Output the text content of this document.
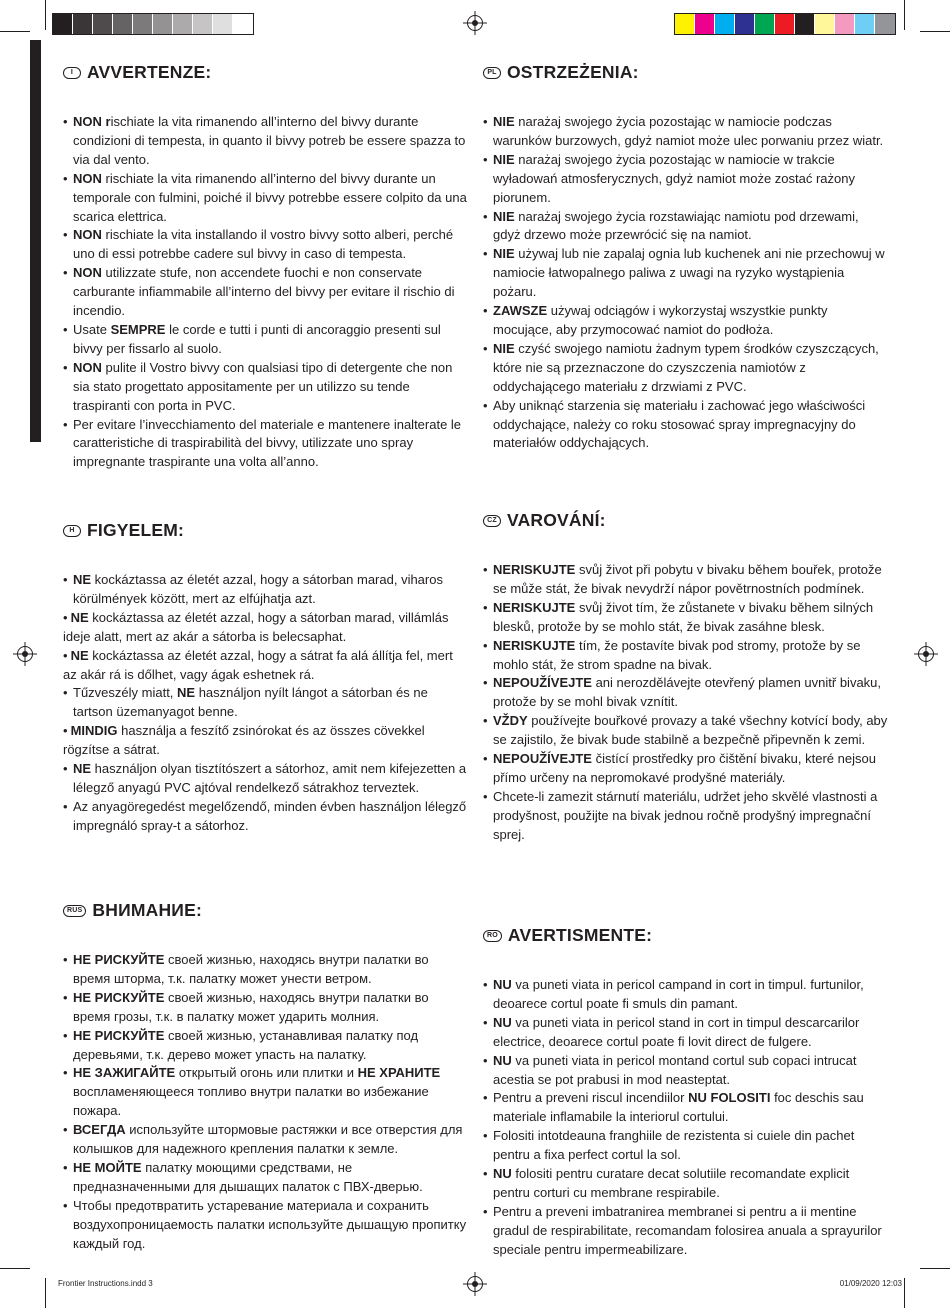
I AVVERTENZE:
• NON rischiate la vita rimanendo all’interno del bivvy durante condizioni di tempesta, in quanto il bivvy potreb be essere spazza to via dal vento.
• NON rischiate la vita rimanendo all’interno del bivvy durante un temporale con fulmini, poiché il bivvy potrebbe essere colpito da una scarica elettrica.
• NON rischiate la vita installando il vostro bivvy sotto alberi, perché uno di essi potrebbe cadere sul bivvy in caso di tempesta.
• NON utilizzate stufe, non accendete fuochi e non conservate carburante infiammabile all’interno del bivvy per evitare il rischio di incendio.
• Usate SEMPRE le corde e tutti i punti di ancoraggio presenti sul bivvy per fissarlo al suolo.
• NON pulite il Vostro bivvy con qualsiasi tipo di detergente che non sia stato progettato appositamente per un utilizzo su tende traspiranti con porta in PVC.
• Per evitare l’invecchiamento del materiale e mantenere inalterate le caratteristiche di traspirabilità del bivvy, utilizzate uno spray impregnante traspirante una volta all’anno.
PL OSTRZEŻENIA:
• NIE narażaj swojego życia pozostając w namiocie podczas warunków burzowych, gdyż namiot może ulec porwaniu przez wiatr.
• NIE narażaj swojego życia pozostając w namiocie w trakcie wyładowań atmosferycznych, gdyż namiot może zostać rażony piorunem.
• NIE narażaj swojego życia rozstawiając namiotu pod drzewami, gdyż drzewo może przewrócić się na namiot.
• NIE używaj lub nie zapalaj ognia lub kuchenek ani nie przechowuj w namiocie łatwopalnego paliwa z uwagi na ryzyko wystąpienia pożaru.
• ZAWSZE używaj odciągów i wykorzystaj wszystkie punkty mocujące, aby przymocować namiot do podłoża.
• NIE czyść swojego namiotu żadnym typem środków czyszczących, które nie są przeznaczone do czyszczenia namiotów z oddychającego materiału z drzwiami z PVC.
• Aby uniknąć starzenia się materiału i zachować jego właściwości oddychające, należy co roku stosować spray impregnacyjny do materiałów oddychających.
H FIGYELEM:
• NE kockáztassa az életét azzal, hogy a sátorban marad, viharos körülmények között, mert az elfújhatja azt.
• NE kockáztassa az életét azzal, hogy a sátorban marad, villámlás ideje alatt, mert az akár a sátorba is belecsaphat.
• NE kockáztassa az életét azzal, hogy a sátrat fa alá állítja fel, mert az akár rá is dőlhet, vagy ágak eshetnek rá.
• Tűzveszély miatt, NE használjon nyílt lángot a sátorban és ne tartson üzemanyagot benne.
• MINDIG használja a feszítő zsinórokat és az összes cövekkel rögzítse a sátrat.
• NE használjon olyan tisztítószert a sátorhoz, amit nem kifejezetten a lélegző anyagú PVC ajtóval rendelkező sátrakhoz terveztek.
• Az anyagöregedést megelőzendő, minden évben használjon lélegző impregnáló spray-t a sátorhoz.
CZ VAROVÁNÍ:
• NERISKUJTE svůj život při pobytu v bivaku během bouřek, protože se může stát, že bivak nevydrží nápor povětrnostních podmínek.
• NERISKUJTE svůj život tím, že zůstanete v bivaku během silných blesků, protože by se mohlo stát, že bivak zasáhne blesk.
• NERISKUJTE tím, že postavíte bivak pod stromy, protože by se mohlo stát, že strom spadne na bivak.
• NEPOUŽÍVEJTE ani nerozdělávejte otevřený plamen uvnitř bivaku, protože by se mohl bivak vznítit.
• VŽDY používejte bouřkové provazy a také všechny kotvící body, aby se zajistilo, že bivak bude stabilně a bezpečně připevněn k zemi.
• NEPOUŽÍVEJTE čistící prostředky pro čištění bivaku, které nejsou přímo určeny na nepromokavé prodyšné materiály.
• Chcete-li zamezit stárnutí materiálu, udržet jeho skvělé vlastnosti a prodyšnost, použijte na bivak jednou ročně prodyšný impregnační sprej.
RUS ВНИМАНИЕ:
• НЕ РИСКУЙТЕ своей жизнью, находясь внутри палатки во время шторма, т.к. палатку может унести ветром.
• НЕ РИСКУЙТЕ своей жизнью, находясь внутри палатки во время грозы, т.к. в палатку может ударить молния.
• НЕ РИСКУЙТЕ своей жизнью, устанавливая палатку под деревьями, т.к. дерево может упасть на палатку.
• НЕ ЗАЖИГАЙТЕ открытый огонь или плитки и НЕ ХРАНИТЕ воспламеняющееся топливо внутри палатки во избежание пожара.
• ВСЕГДА используйте штормовые растяжки и все отверстия для колышков для надежного крепления палатки к земле.
• НЕ МОЙТЕ палатку моющими средствами, не предназначенными для дышащих палаток с ПВХ-дверью.
• Чтобы предотвратить устаревание материала и сохранить воздухопроницаемость палатки используйте дышащую пропитку каждый год.
RO AVERTISMENTE:
• NU va puneti viata in pericol campand in cort in timpul. furtunilor, deoarece cortul poate fi smuls din pamant.
• NU va puneti viata in pericol stand in cort in timpul descarcarilor electrice, deoarece cortul poate fi lovit direct de fulgere.
• NU va puneti viata in pericol montand cortul sub copaci intrucat acestia se pot prabusi in mod neasteptat.
• Pentru a preveni riscul incendiilor NU FOLOSITI foc deschis sau materiale inflamabile la interiorul cortului.
• Folositi intotdeauna franghiile de rezistenta si cuiele din pachet pentru a fixa perfect cortul la sol.
• NU folositi pentru curatare decat solutiile recomandate explicit pentru corturi cu membrane respirabile.
• Pentru a preveni imbatranirea membranei si pentru a ii mentine gradul de respirabilitate, recomandam folosirea anuala a sprayurilor speciale pentru impermeabilizare.
Frontier Instructions.indd 3	01/09/2020 12:03
